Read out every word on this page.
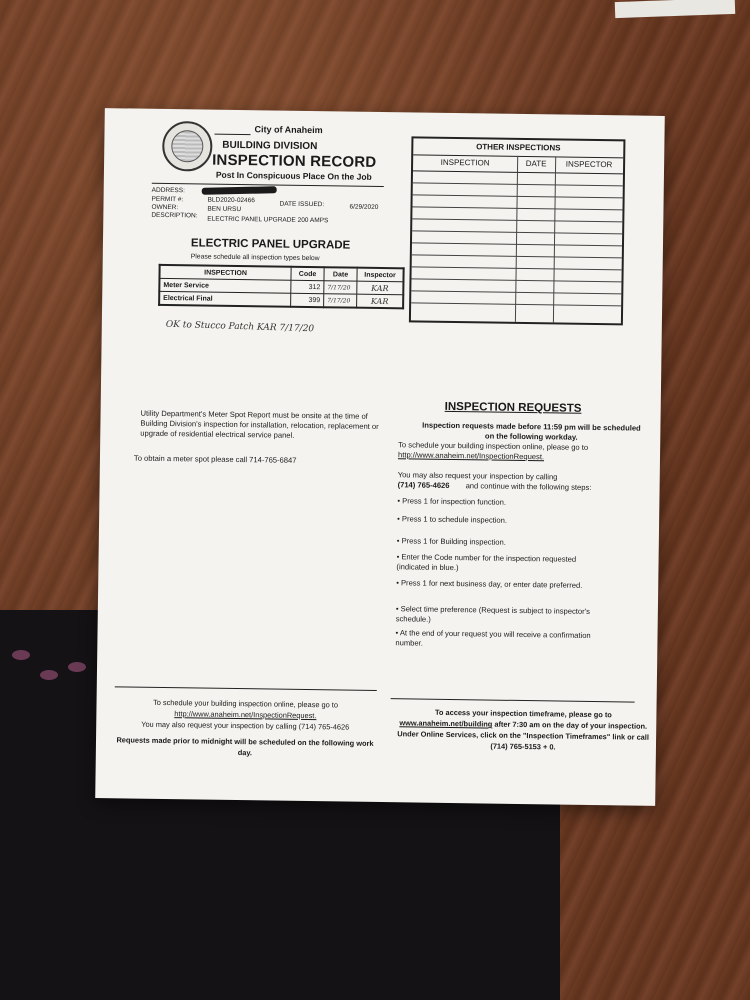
City of Anaheim
BUILDING DIVISION
INSPECTION RECORD
Post In Conspicuous Place On the Job
ADDRESS:
PERMIT #:	BLD2020-02466
DATE ISSUED:	6/29/2020
OWNER:	BEN URSU
DESCRIPTION: ELECTRIC PANEL UPGRADE 200 AMPS
ELECTRIC PANEL UPGRADE
Please schedule all inspection types below
INSPECTION	Code	Date	Inspector
Meter Service	312	7/17/20	KAR
Electrical Final	399	7/17/20	KAR
OK to Stucco Patch KAR 7/17/20
OTHER INSPECTIONS
INSPECTION	DATE	INSPECTOR
Utility Department's Meter Spot Report must be onsite at the time of Building Division's inspection for installation, relocation, replacement or upgrade of residential electrical service panel.
To obtain a meter spot please call 714-765-6847
INSPECTION REQUESTS
Inspection requests made before 11:59 pm will be scheduled on the following workday.
To schedule your building inspection online, please go to
http://www.anaheim.net/InspectionRequest.
You may also request your inspection by calling
(714) 765-4626 and continue with the following steps:
• Press 1 for inspection function.
• Press 1 to schedule inspection.
• Press 1 for Building inspection.
• Enter the Code number for the inspection requested (indicated in blue.)
• Press 1 for next business day, or enter date preferred.
• Select time preference (Request is subject to inspector's schedule.)
• At the end of your request you will receive a confirmation number.
To schedule your building inspection online, please go to
http://www.anaheim.net/InspectionRequest.
You may also request your inspection by calling (714) 765-4626
Requests made prior to midnight will be scheduled on the following work day.
To access your inspection timeframe, please go to
www.anaheim.net/building after 7:30 am on the day of your inspection. Under Online Services, click on the "Inspection Timeframes" link or call (714) 765-5153 + 0.
